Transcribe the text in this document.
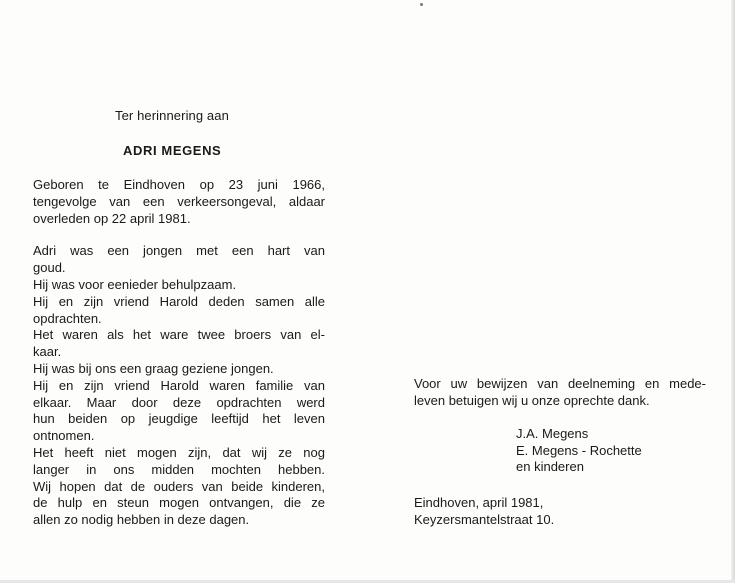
Ter herinnering aan
ADRI MEGENS
Geboren te Eindhoven op 23 juni 1966,
tengevolge van een verkeersongeval, aldaar
overleden op 22 april 1981.
Adri was een jongen met een hart van
goud.
Hij was voor eenieder behulpzaam.
Hij en zijn vriend Harold deden samen alle
opdrachten.
Het waren als het ware twee broers van el-
kaar.
Hij was bij ons een graag geziene jongen.
Hij en zijn vriend Harold waren familie van
elkaar. Maar door deze opdrachten werd
hun beiden op jeugdige leeftijd het leven
ontnomen.
Het heeft niet mogen zijn, dat wij ze nog
langer in ons midden mochten hebben.
Wij hopen dat de ouders van beide kinderen,
de hulp en steun mogen ontvangen, die ze
allen zo nodig hebben in deze dagen.
Voor uw bewijzen van deelneming en mede-
leven betuigen wij u onze oprechte dank.
J.A. Megens
E. Megens - Rochette
en kinderen
Eindhoven, april 1981,
Keyzersmantelstraat 10.
